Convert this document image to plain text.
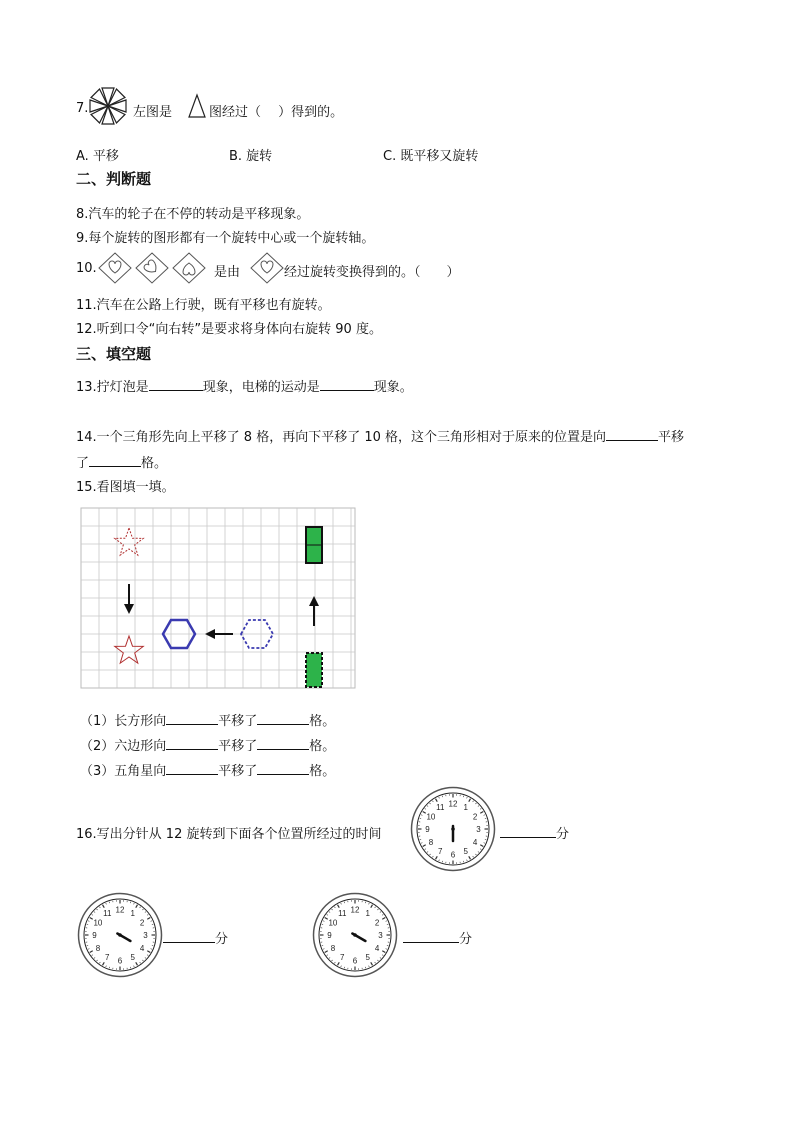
7.	左图是	图经过（　 ）得到的。
A. 平移	B. 旋转	C. 既平移又旋转
二、判断题
8.汽车的轮子在不停的转动是平移现象。
9.每个旋转的图形都有一个旋转中心或一个旋转轴。
10.	是由	经过旋转变换得到的。（　　）
11.汽车在公路上行驶，既有平移也有旋转。
12.听到口令“向右转”是要求将身体向右旋转 90 度。
三、填空题
13.拧灯泡是	现象，电梯的运动是	现象。
14.一个三角形先向上平移了 8 格，再向下平移了 10 格，这个三角形相对于原来的位置是向	平移
了	格。
15.看图填一填。
（1）长方形向	平移了	格。
（2）六边形向	平移了	格。
（3）五角星向	平移了	格。
16.写出分针从 12 旋转到下面各个位置所经过的时间
12 1
2
3
4
5
6
7
8
9
10
11
分
12 1
2
3
4
5
6
7
8
9
10
11
分
12 1
2
3
4
5
6
7
8
9
10
11
分
